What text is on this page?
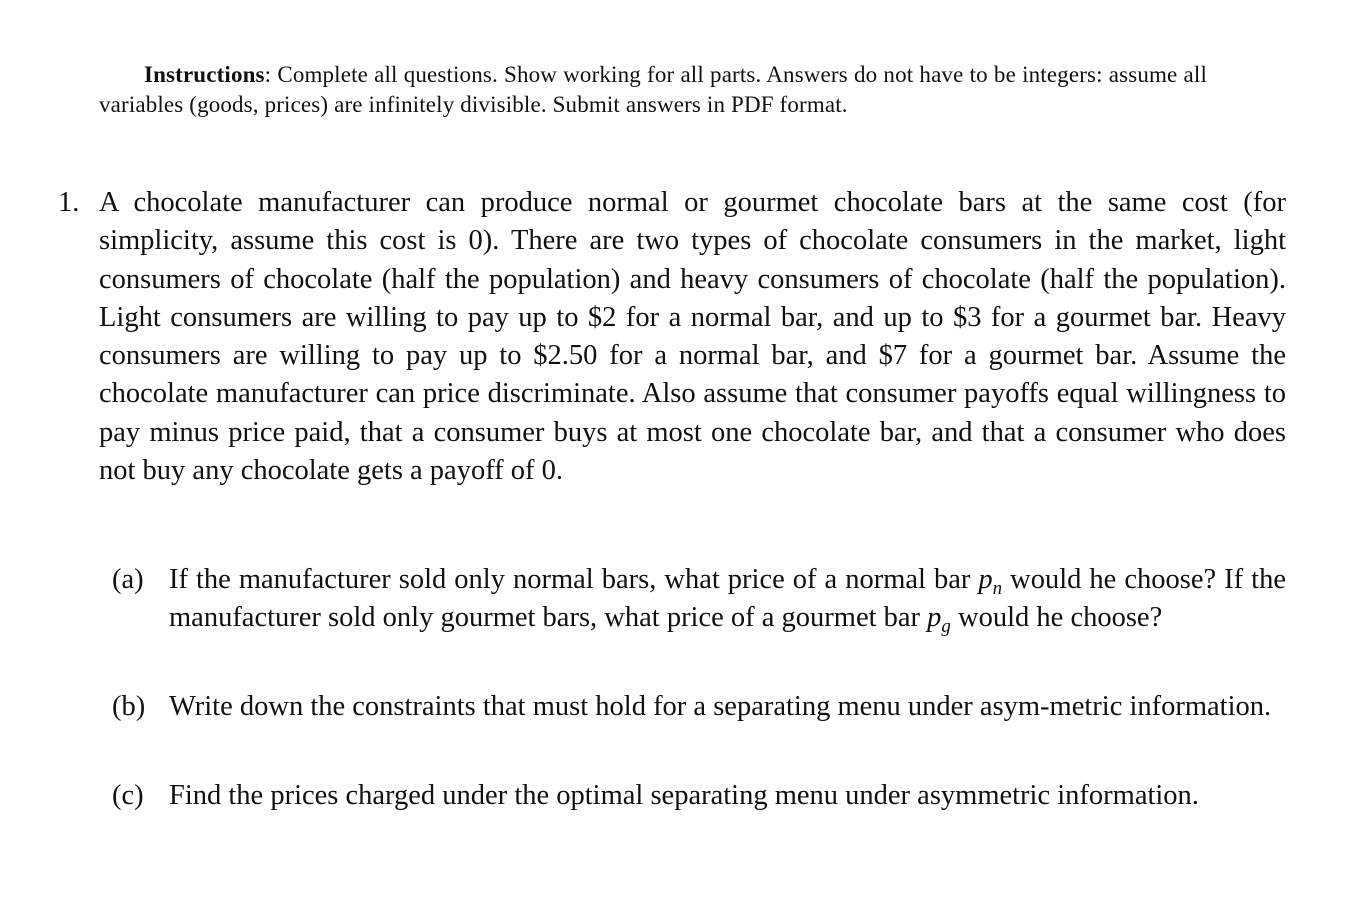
Instructions: Complete all questions. Show working for all parts. Answers do not have to be integers: assume all variables (goods, prices) are infinitely divisible. Submit answers in PDF format.

1. A chocolate manufacturer can produce normal or gourmet chocolate bars at the same cost (for simplicity, assume this cost is 0). There are two types of chocolate consumers in the market, light consumers of chocolate (half the population) and heavy consumers of chocolate (half the population). Light consumers are willing to pay up to $2 for a normal bar, and up to $3 for a gourmet bar. Heavy consumers are willing to pay up to $2.50 for a normal bar, and $7 for a gourmet bar. Assume the chocolate manufacturer can price discriminate. Also assume that consumer payoffs equal willingness to pay minus price paid, that a consumer buys at most one chocolate bar, and that a consumer who does not buy any chocolate gets a payoff of 0.

(a) If the manufacturer sold only normal bars, what price of a normal bar $p_n$ would he choose? If the manufacturer sold only gourmet bars, what price of a gourmet bar $p_g$ would he choose?

(b) Write down the constraints that must hold for a separating menu under asym-metric information.

(c) Find the prices charged under the optimal separating menu under asymmetric information.
